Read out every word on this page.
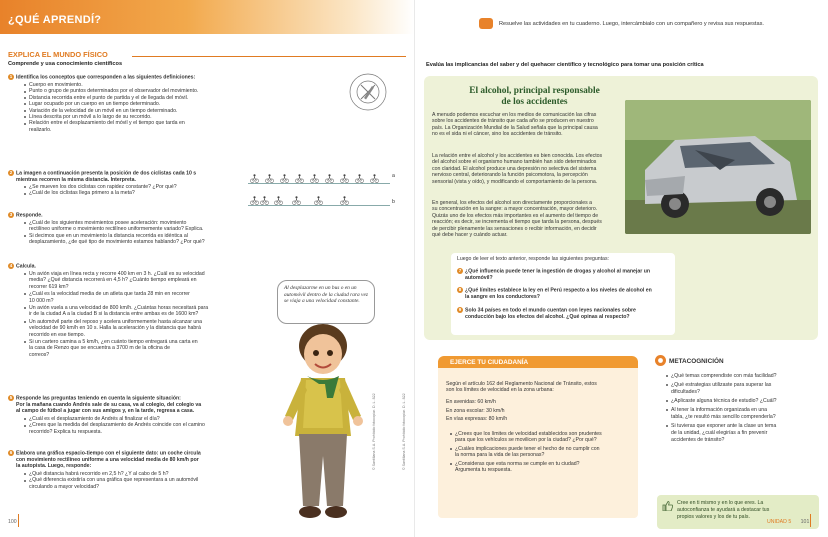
¿QUÉ APRENDÍ?
EXPLICA EL MUNDO FÍSICO
Comprende y usa conocimiento científicos
1 Identifica los conceptos que corresponden a las siguientes definiciones:
Cuerpo en movimiento.
Punto o grupo de puntos determinados por el observador del movimiento.
Distancia recorrida entre el punto de partida y el de llegada del móvil.
Lugar ocupado por un cuerpo en un tiempo determinado.
Variación de la velocidad de un móvil en un tiempo determinado.
Línea descrita por un móvil a lo largo de su recorrido.
Relación entre el desplazamiento del móvil y el tiempo que tarda en
realizarlo.
2 La imagen a continuación presenta la posición de dos ciclistas cada 10 s
mientras recorren la misma distancia. Interpreta.
¿Se mueven los dos ciclistas con rapidez constante? ¿Por qué?
¿Cuál de los ciclistas llega primero a la meta?
a
b
3 Responde.
¿Cuál de los siguientes movimientos posee aceleración: movimiento
rectilíneo uniforme o movimiento rectilíneo uniformemente variado? Explica.
Si decimos que en un movimiento la distancia recorrida es idéntica al
desplazamiento, ¿de qué tipo de movimiento estamos hablando? ¿Por qué?
4 Calcula.
Un avión viaja en línea recta y recorre 400 km en 3 h. ¿Cuál es su velocidad
media? ¿Qué distancia recorrerá en 4,5 h? ¿Cuánto tiempo empleará en
recorrer 619 km?
¿Cuál es la velocidad media de un atleta que tarda 28 min en recorrer
10 000 m?
Un avión vuela a una velocidad de 800 km/h. ¿Cuántas horas necesitará para
ir de la ciudad A a la ciudad B si la distancia entre ambas es de 1600 km?
Un automóvil parte del reposo y acelera uniformemente hasta alcanzar una
velocidad de 90 km/h en 10 s. Halla la aceleración y la distancia que habrá
recorrido en ese tiempo.
Si un cartero camina a 5 km/h, ¿en cuánto tiempo entregará una carta en
la casa de Renzo que se encuentra a 3700 m de la oficina de
correos?
5 Responde las preguntas teniendo en cuenta la siguiente situación:
Por la mañana cuando Andrés sale de su casa, va al colegio, del colegio va
al campo de fútbol a jugar con sus amigos y, en la tarde, regresa a casa.
¿Cuál es el desplazamiento de Andrés al finalizar el día?
¿Crees que la medida del desplazamiento de Andrés coincide con el camino
recorrido? Explica tu respuesta.
6 Elabora una gráfica espacio-tiempo con el siguiente dato: un coche circula
con movimiento rectilíneo uniforme a una velocidad media de 80 km/h por
la autopista. Luego, responde:
¿Qué distancia habrá recorrido en 2,5 h? ¿Y al cabo de 5 h?
¿Qué diferencia existiría con una gráfica que representara a un automóvil
circulando a mayor velocidad?
Al desplazarme en un bus o en un automóvil dentro de la ciudad rara vez se viaja a una velocidad constante.
© Santillana S.A. Prohibido fotocopiar. D. L. 822	© Santillana S.A. Prohibido fotocopiar. D. L. 822
100
Resuelve las actividades en tu cuaderno. Luego, intercámbialo con un compañero y revisa sus respuestas.
Evalúa las implicancias del saber y del quehacer científico y tecnológico para tomar una posición crítica
El alcohol, principal responsable
de los accidentes
A menudo podemos escuchar en los medios de comunicación las cifras
sobre los accidentes de tránsito que cada año se producen en nuestro
país. La Organización Mundial de la Salud señala que la principal causa
no es el sida ni el cáncer, sino los accidentes de tránsito.
La relación entre el alcohol y los accidentes es bien conocida. Los efectos
del alcohol sobre el organismo humano también han sido determinados
con claridad. El alcohol produce una depresión no selectiva del sistema
nervioso central, deteriorando la función psicomotora, la percepción
sensorial (vista y oído), y modificando el comportamiento de la persona.
En general, los efectos del alcohol son directamente proporcionales a
su concentración en la sangre: a mayor concentración, mayor deterioro.
Quizás uno de los efectos más importantes es el aumento del tiempo de
reacción; es decir, se incrementa el tiempo que tarda la persona, después
de percibir plenamente las sensaciones o recibir información, en decidir
qué debe hacer y cuándo actuar.
Luego de leer el texto anterior, responde las siguientes preguntas:
7 ¿Qué influencia puede tener la ingestión de drogas y alcohol al manejar un
automóvil?
8 ¿Qué límites establece la ley en el Perú respecto a los niveles de alcohol en
la sangre en los conductores?
9 Solo 34 países en todo el mundo cuentan con leyes nacionales sobre
conducción bajo los efectos del alcohol. ¿Qué opinas al respecto?
EJERCE TU CIUDADANÍA
Según el artículo 162 del Reglamento Nacional de Tránsito, estos
son los límites de velocidad en la zona urbana:
En avenidas: 60 km/h
En zona escolar: 30 km/h
En vías expresas: 80 km/h
¿Crees que los límites de velocidad establecidos son prudentes
para que los vehículos se movilicen por la ciudad? ¿Por qué?
¿Cuáles implicaciones puede tener el hecho de no cumplir con
la norma para la vida de las personas?
¿Consideras que esta norma se cumple en tu ciudad?
Argumenta tu respuesta.
METACOGNICIÓN
¿Qué temas comprendiste con más facilidad?
¿Qué estrategias utilizaste para superar las
dificultades?
¿Aplicaste alguna técnica de estudio? ¿Cuál?
Al tener la información organizada en una
tabla, ¿te resultó más sencillo comprenderla?
Si tuvieras que exponer ante la clase un tema
de la unidad, ¿cuál elegirías a fin prevenir
accidentes de tránsito?
Cree en ti mismo y en lo que eres. La
autoconfianza te ayudará a destacar tus
propios valores y los de tu país.
UNIDAD 5 101
